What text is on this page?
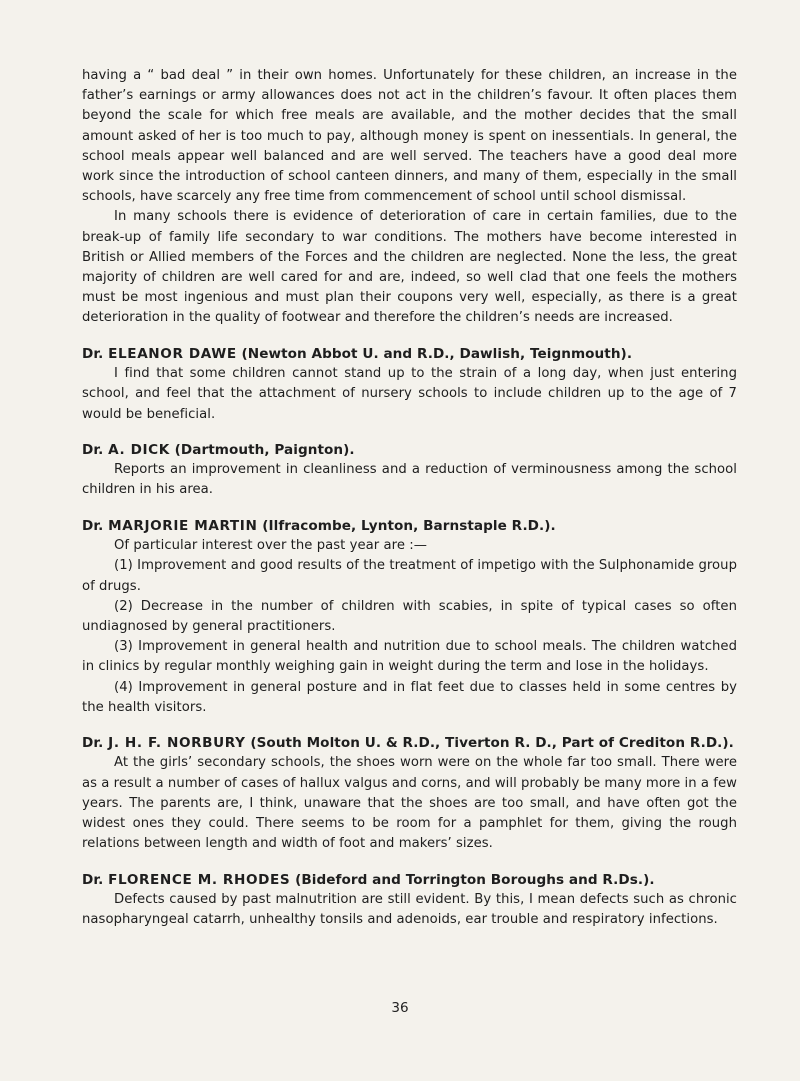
having a “ bad deal ” in their own homes. Unfortunately for these children, an increase in the father’s earnings or army allowances does not act in the children’s favour. It often places them beyond the scale for which free meals are available, and the mother decides that the small amount asked of her is too much to pay, although money is spent on inessentials. In general, the school meals appear well balanced and are well served. The teachers have a good deal more work since the introduction of school canteen dinners, and many of them, especially in the small schools, have scarcely any free time from commencement of school until school dismissal.

In many schools there is evidence of deterioration of care in certain families, due to the break-up of family life secondary to war conditions. The mothers have become interested in British or Allied members of the Forces and the children are neglected. None the less, the great majority of children are well cared for and are, indeed, so well clad that one feels the mothers must be most ingenious and must plan their coupons very well, especially, as there is a great deterioration in the quality of footwear and therefore the children’s needs are increased.

Dr. ELEANOR DAWE (Newton Abbot U. and R.D., Dawlish, Teignmouth).

I find that some children cannot stand up to the strain of a long day, when just entering school, and feel that the attachment of nursery schools to include children up to the age of 7 would be beneficial.

Dr. A. DICK (Dartmouth, Paignton).

Reports an improvement in cleanliness and a reduction of verminousness among the school children in his area.

Dr. MARJORIE MARTIN (Ilfracombe, Lynton, Barnstaple R.D.).

Of particular interest over the past year are :—

(1) Improvement and good results of the treatment of impetigo with the Sulphonamide group of drugs.

(2) Decrease in the number of children with scabies, in spite of typical cases so often undiagnosed by general practitioners.

(3) Improvement in general health and nutrition due to school meals. The children watched in clinics by regular monthly weighing gain in weight during the term and lose in the holidays.

(4) Improvement in general posture and in flat feet due to classes held in some centres by the health visitors.

Dr. J. H. F. NORBURY (South Molton U. & R.D., Tiverton R. D., Part of Crediton R.D.).

At the girls’ secondary schools, the shoes worn were on the whole far too small. There were as a result a number of cases of hallux valgus and corns, and will probably be many more in a few years. The parents are, I think, unaware that the shoes are too small, and have often got the widest ones they could. There seems to be room for a pamphlet for them, giving the rough relations between length and width of foot and makers’ sizes.

Dr. FLORENCE M. RHODES (Bideford and Torrington Boroughs and R.Ds.).

Defects caused by past malnutrition are still evident. By this, I mean defects such as chronic nasopharyngeal catarrh, unhealthy tonsils and adenoids, ear trouble and respiratory infections.

36
